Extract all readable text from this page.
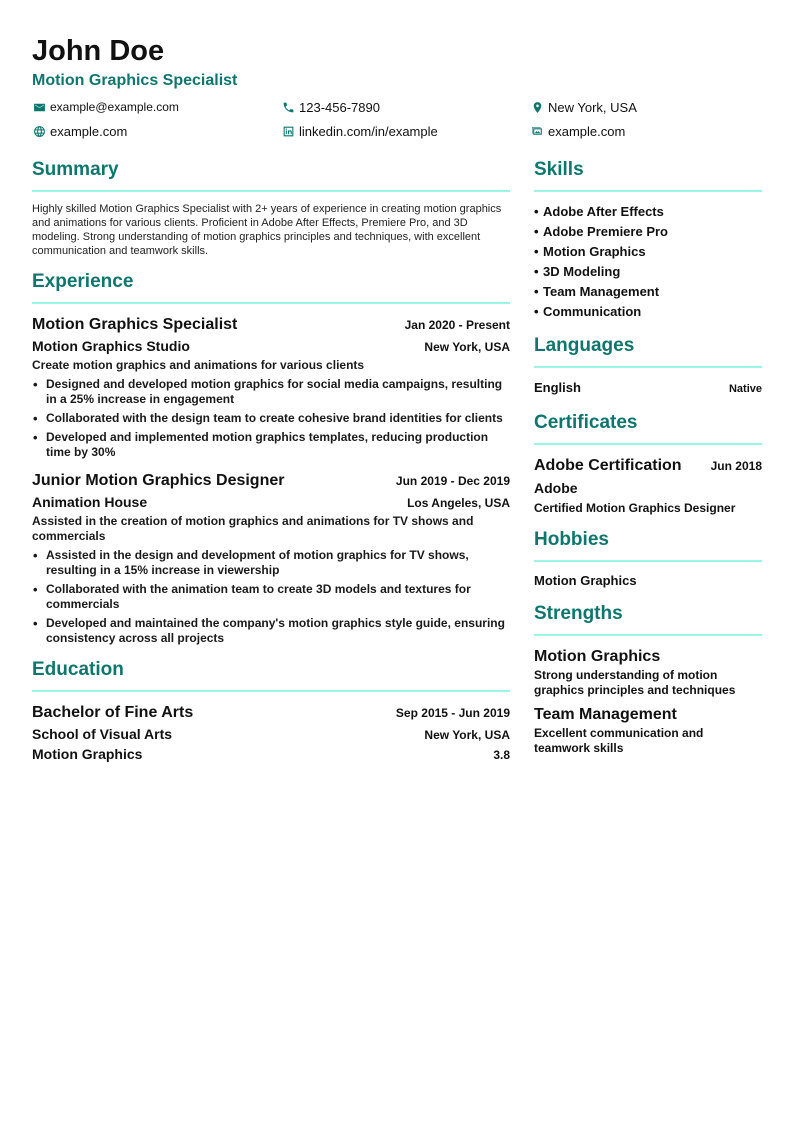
John Doe
Motion Graphics Specialist
example@example.com	123-456-7890	New York, USA
example.com	linkedin.com/in/example	example.com
Summary
Highly skilled Motion Graphics Specialist with 2+ years of experience in creating motion graphics and animations for various clients. Proficient in Adobe After Effects, Premiere Pro, and 3D modeling. Strong understanding of motion graphics principles and techniques, with excellent communication and teamwork skills.
Experience
Motion Graphics Specialist	Jan 2020 - Present
Motion Graphics Studio	New York, USA
Create motion graphics and animations for various clients
• Designed and developed motion graphics for social media campaigns, resulting in a 25% increase in engagement
• Collaborated with the design team to create cohesive brand identities for clients
• Developed and implemented motion graphics templates, reducing production time by 30%
Junior Motion Graphics Designer	Jun 2019 - Dec 2019
Animation House	Los Angeles, USA
Assisted in the creation of motion graphics and animations for TV shows and commercials
• Assisted in the design and development of motion graphics for TV shows, resulting in a 15% increase in viewership
• Collaborated with the animation team to create 3D models and textures for commercials
• Developed and maintained the company's motion graphics style guide, ensuring consistency across all projects
Education
Bachelor of Fine Arts	Sep 2015 - Jun 2019
School of Visual Arts	New York, USA
Motion Graphics	3.8
Skills
• Adobe After Effects
• Adobe Premiere Pro
• Motion Graphics
• 3D Modeling
• Team Management
• Communication
Languages
English	Native
Certificates
Adobe Certification Jun 2018
Adobe
Certified Motion Graphics Designer
Hobbies
Motion Graphics
Strengths
Motion Graphics
Strong understanding of motion graphics principles and techniques
Team Management
Excellent communication and teamwork skills
